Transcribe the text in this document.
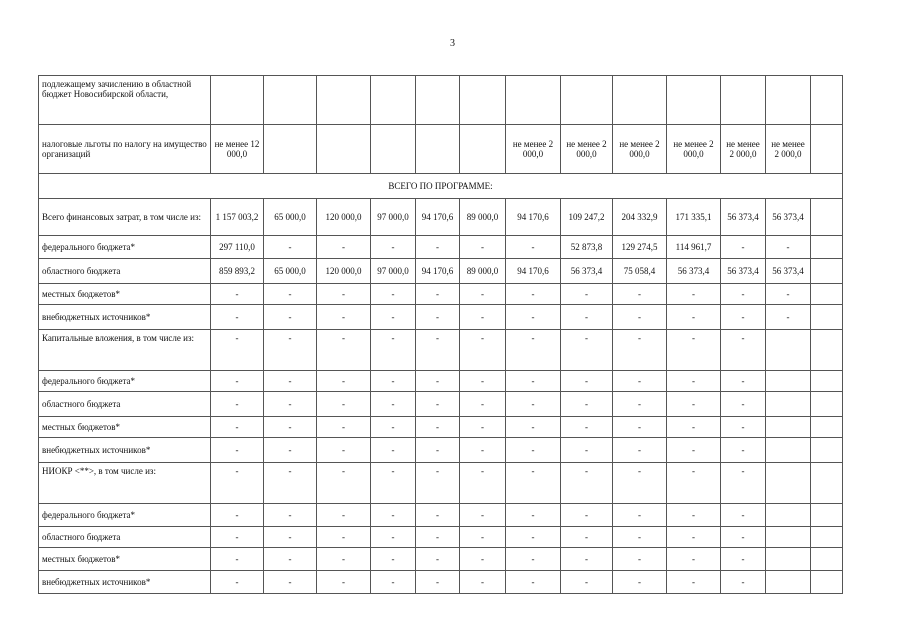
3
подлежащему зачислению в областной бюджет Новосибирской области,													
налоговые льготы по налогу на имущество организаций	не менее 12 000,0						не менее 2 000,0	не менее 2 000,0	не менее 2 000,0	не менее 2 000,0	не менее 2 000,0	не менее 2 000,0	
ВСЕГО ПО ПРОГРАММЕ:													
Всего финансовых затрат, в том числе из:	1 157 003,2	65 000,0	120 000,0	97 000,0	94 170,6	89 000,0	94 170,6	109 247,2	204 332,9	171 335,1	56 373,4	56 373,4	
федерального бюджета*	297 110,0	-	-	-	-	-	-	52 873,8	129 274,5	114 961,7	-	-	
областного бюджета	859 893,2	65 000,0	120 000,0	97 000,0	94 170,6	89 000,0	94 170,6	56 373,4	75 058,4	56 373,4	56 373,4	56 373,4	
местных бюджетов*	-	-	-	-	-	-	-	-	-	-	-	-	
внебюджетных источников*	-	-	-	-	-	-	-	-	-	-	-	-	
Капитальные вложения, в том числе из:	-	-	-	-	-	-	-	-	-	-	-		
федерального бюджета*	-	-	-	-	-	-	-	-	-	-	-		
областного бюджета	-	-	-	-	-	-	-	-	-	-	-		
местных бюджетов*	-	-	-	-	-	-	-	-	-	-	-		
внебюджетных источников*	-	-	-	-	-	-	-	-	-	-	-		
НИОКР <**>, в том числе из:	-	-	-	-	-	-	-	-	-	-	-		
федерального бюджета*	-	-	-	-	-	-	-	-	-	-	-		
областного бюджета	-	-	-	-	-	-	-	-	-	-	-		
местных бюджетов*	-	-	-	-	-	-	-	-	-	-	-		
внебюджетных источников*	-	-	-	-	-	-	-	-	-	-	-		
